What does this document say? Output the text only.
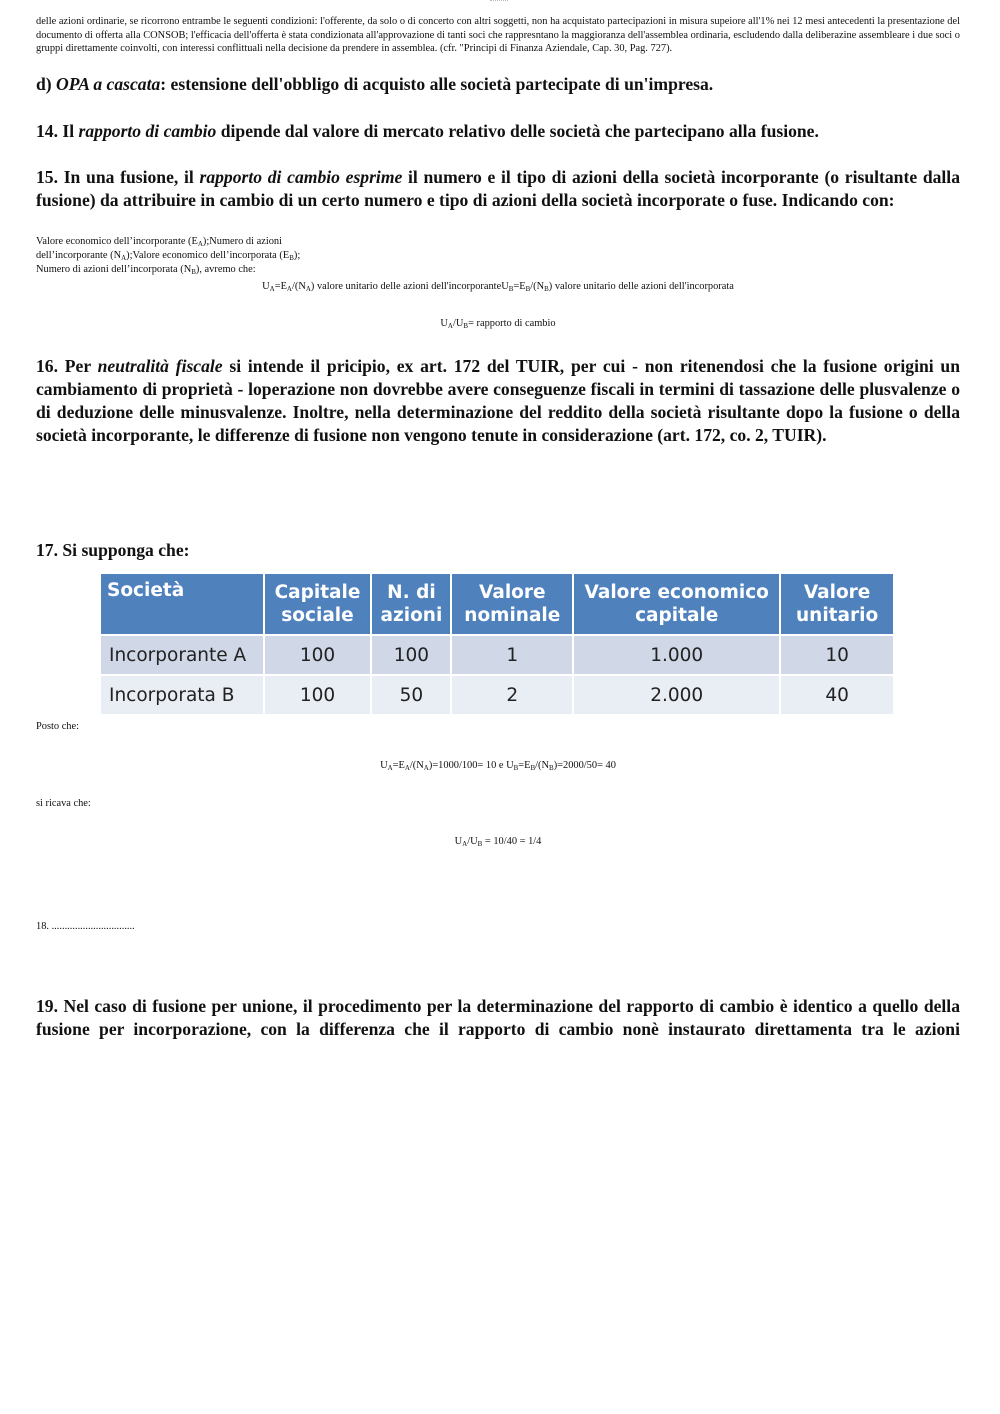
delle azioni ordinarie, se ricorrono entrambe le seguenti condizioni: l'offerente, da solo o di concerto con altri soggetti, non ha acquistato partecipazioni in misura supeiore all'1% nei 12 mesi antecedenti la presentazione del documento di offerta alla CONSOB; l'efficacia dell'offerta è stata condizionata all'approvazione di tanti soci che rappresntano la maggioranza dell'assemblea ordinaria, escludendo dalla deliberazine assembleare i due soci o gruppi direttamente coinvolti, con interessi conflittuali nella decisione da prendere in assemblea. (cfr. "Principi di Finanza Aziendale, Cap. 30, Pag. 727).
d) OPA a cascata: estensione dell'obbligo di acquisto alle società partecipate di un'impresa.
14. Il rapporto di cambio dipende dal valore di mercato relativo delle società che partecipano alla fusione.
15. In una fusione, il rapporto di cambio esprime il numero e il tipo di azioni della società incorporante (o risultante dalla fusione) da attribuire in cambio di un certo numero e tipo di azioni della società incorporate o fuse. Indicando con:
Valore economico dell’incorporante $(E_A);Numero$ di azioni
dell’incorporante $(N_A);Valore$ economico dell’incorporata $(E_B)$;
Numero di azioni dell’incorporata $(N_B)$, avremo che:
$U_A=E_A/(N_A)$ valore unitario delle azioni $dell'incorporanteU_B=E_B/(N_B)$ valore unitario delle azioni dell'incorporata
$U_A/U_B=$ rapporto di cambio
16. Per neutralità fiscale si intende il pricipio, ex art. 172 del TUIR, per cui - non ritenendosi che la fusione origini un cambiamento di proprietà - loperazione non dovrebbe avere conseguenze fiscali in termini di tassazione delle plusvalenze o di deduzione delle minusvalenze. Inoltre, nella determinazione del reddito della società risultante dopo la fusione o della società incorporante, le differenze di fusione non vengono tenute in considerazione (art. 172, co. 2, TUIR).
17. Si supponga che:
Posto che:
$U_A=E_A/(N_A)=1000/100= 10$ e $U_B=E_B/(N_B)=2000/50= 40$
si ricava che:
$U_A/U_B = 10/40 = 1/4$
18. ................................
19. Nel caso di fusione per unione, il procedimento per la determinazione del rapporto di cambio è identico a quello della fusione per incorporazione, con la differenza che il rapporto di cambio nonè instaurato direttamenta tra le azioni
Società	Capitale sociale	N. di azioni	Valore nominale	Valore economico capitale	Valore unitario
Incorporante A	100	100	1	1.000	10
Incorporata B	100	50	2	2.000	40
